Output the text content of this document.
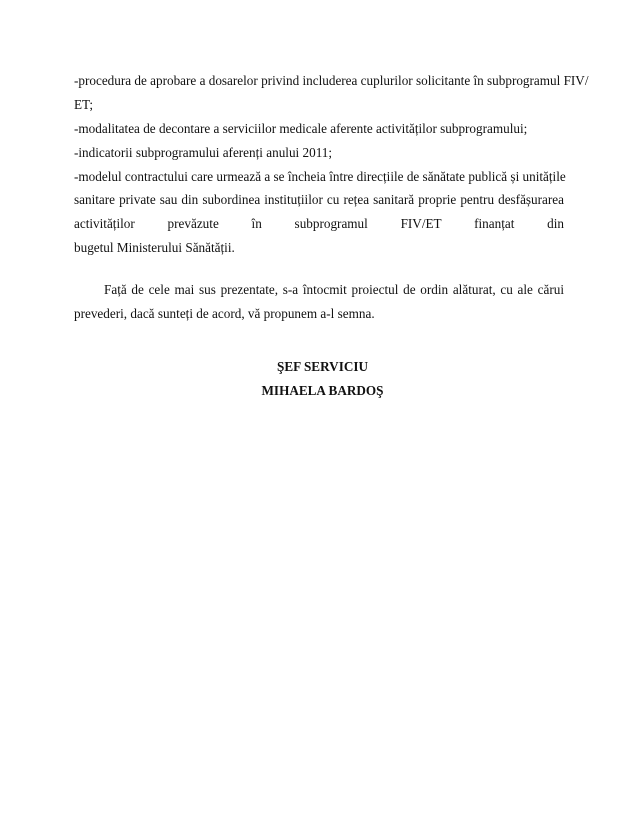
-procedura de aprobare a dosarelor privind includerea cuplurilor solicitante în subprogramul FIV/
ET;
-modalitatea de decontare a serviciilor medicale aferente activităților subprogramului;
-indicatorii subprogramului aferenți anului 2011;
-modelul contractului care urmează a se încheia între direcțiile de sănătate publică și unitățile
sanitare private sau din subordinea instituțiilor cu rețea sanitară proprie pentru desfășurarea
activităților prevăzute în subprogramul FIV/ET finanțat din
bugetul Ministerului Sănătății.
Față de cele mai sus prezentate, s-a întocmit proiectul de ordin alăturat, cu ale cărui
prevederi, dacă sunteți de acord, vă propunem a-l semna.
ŞEF SERVICIU
MIHAELA BARDOŞ
